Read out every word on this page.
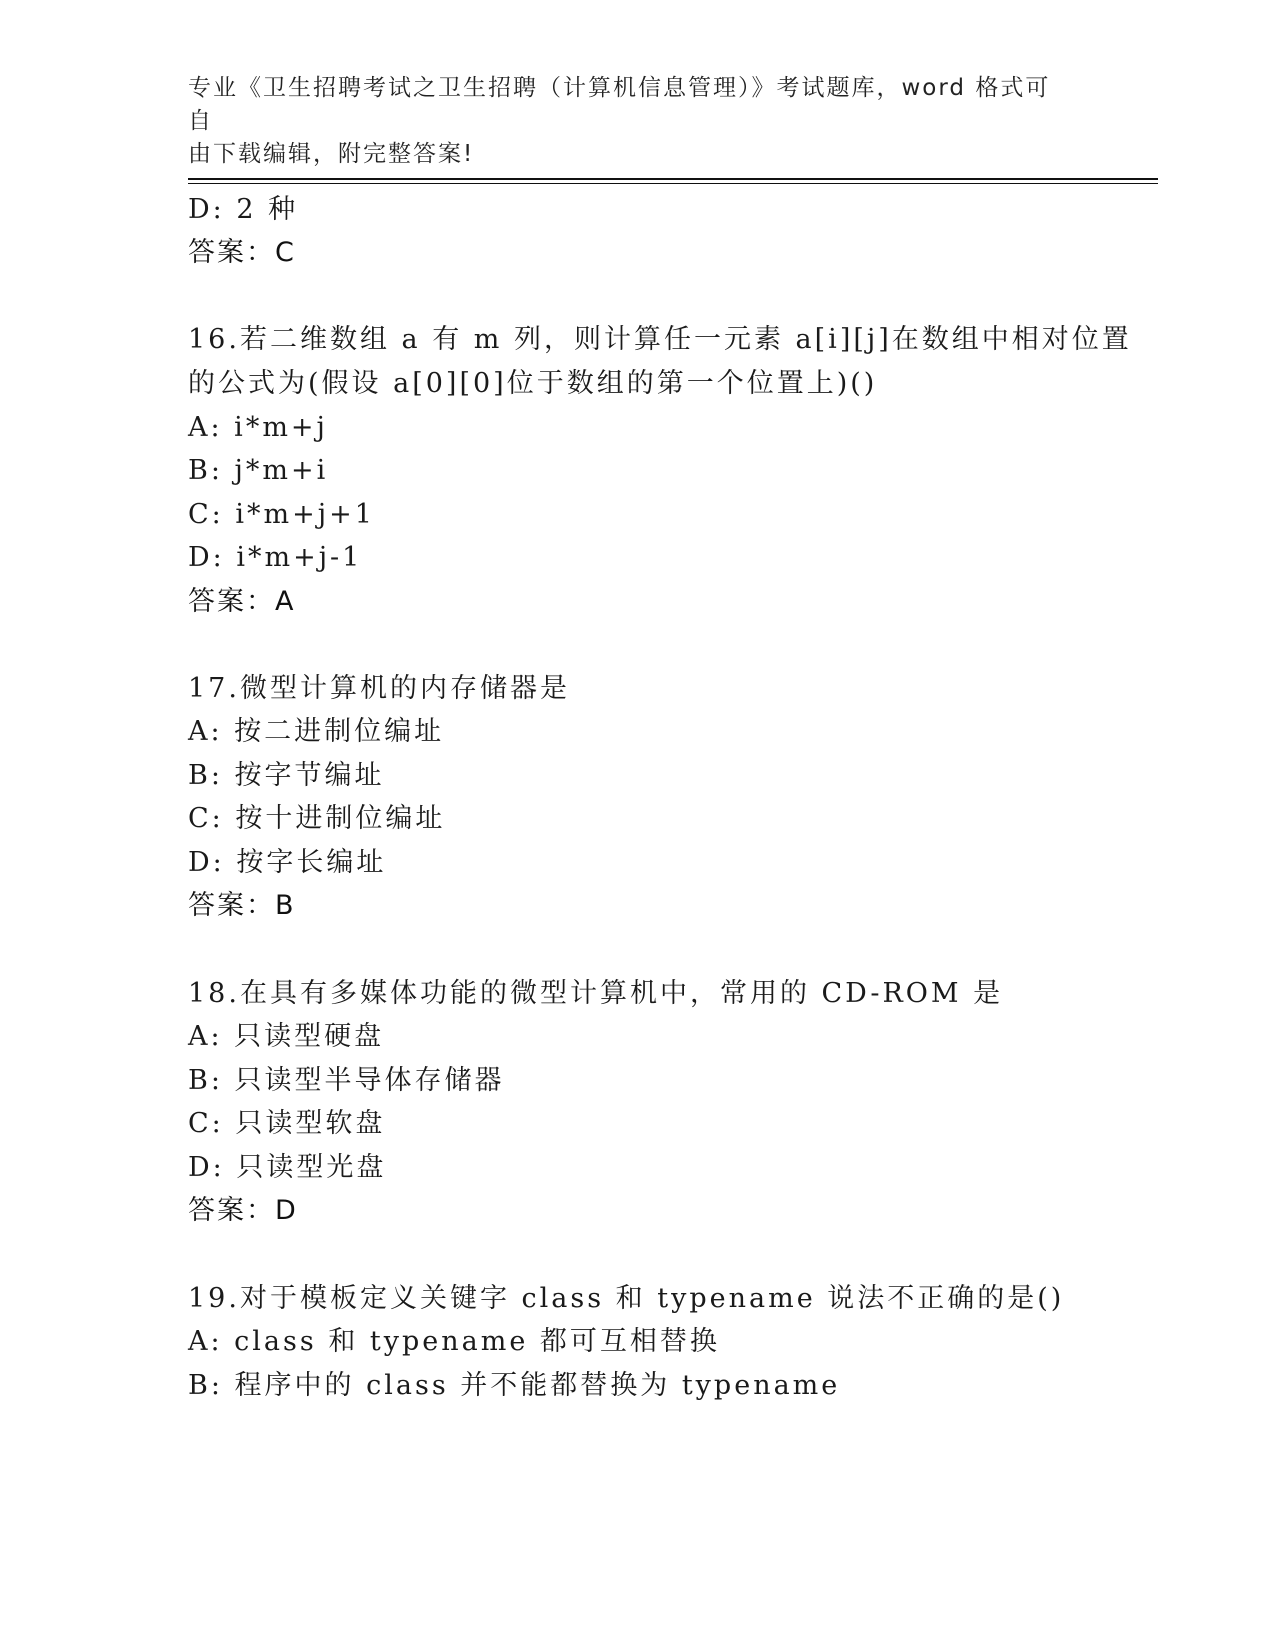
专业《卫生招聘考试之卫生招聘（计算机信息管理）》考试题库，word 格式可自
由下载编辑，附完整答案!
D: 2 种
答案：C
16.若二维数组 a 有 m 列，则计算任一元素 a[i][j]在数组中相对位置
的公式为(假设 a[0][0]位于数组的第一个位置上)()
A: i*m+j
B: j*m+i
C: i*m+j+1
D: i*m+j-1
答案：A
17.微型计算机的内存储器是
A: 按二进制位编址
B: 按字节编址
C: 按十进制位编址
D: 按字长编址
答案：B
18.在具有多媒体功能的微型计算机中，常用的 CD-ROM 是
A: 只读型硬盘
B: 只读型半导体存储器
C: 只读型软盘
D: 只读型光盘
答案：D
19.对于模板定义关键字 class 和 typename 说法不正确的是()
A: class 和 typename 都可互相替换
B: 程序中的 class 并不能都替换为 typename
